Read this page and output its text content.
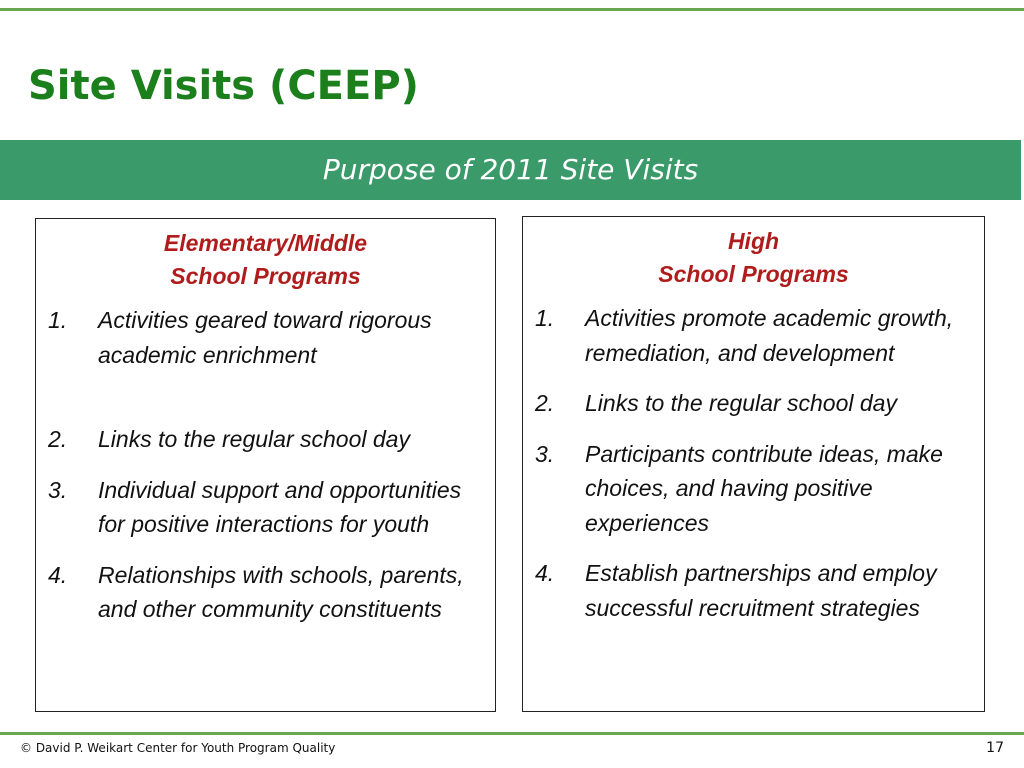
Site Visits (CEEP)
Purpose of 2011 Site Visits
Elementary/Middle
School Programs
1. Activities geared toward rigorous academic enrichment
2. Links to the regular school day
3. Individual support and opportunities for positive interactions for youth
4. Relationships with schools, parents, and other community constituents
High
School Programs
1. Activities promote academic growth, remediation, and development
2. Links to the regular school day
3. Participants contribute ideas, make choices, and having positive experiences
4. Establish partnerships and employ successful recruitment strategies
© David P. Weikart Center for Youth Program Quality	17
